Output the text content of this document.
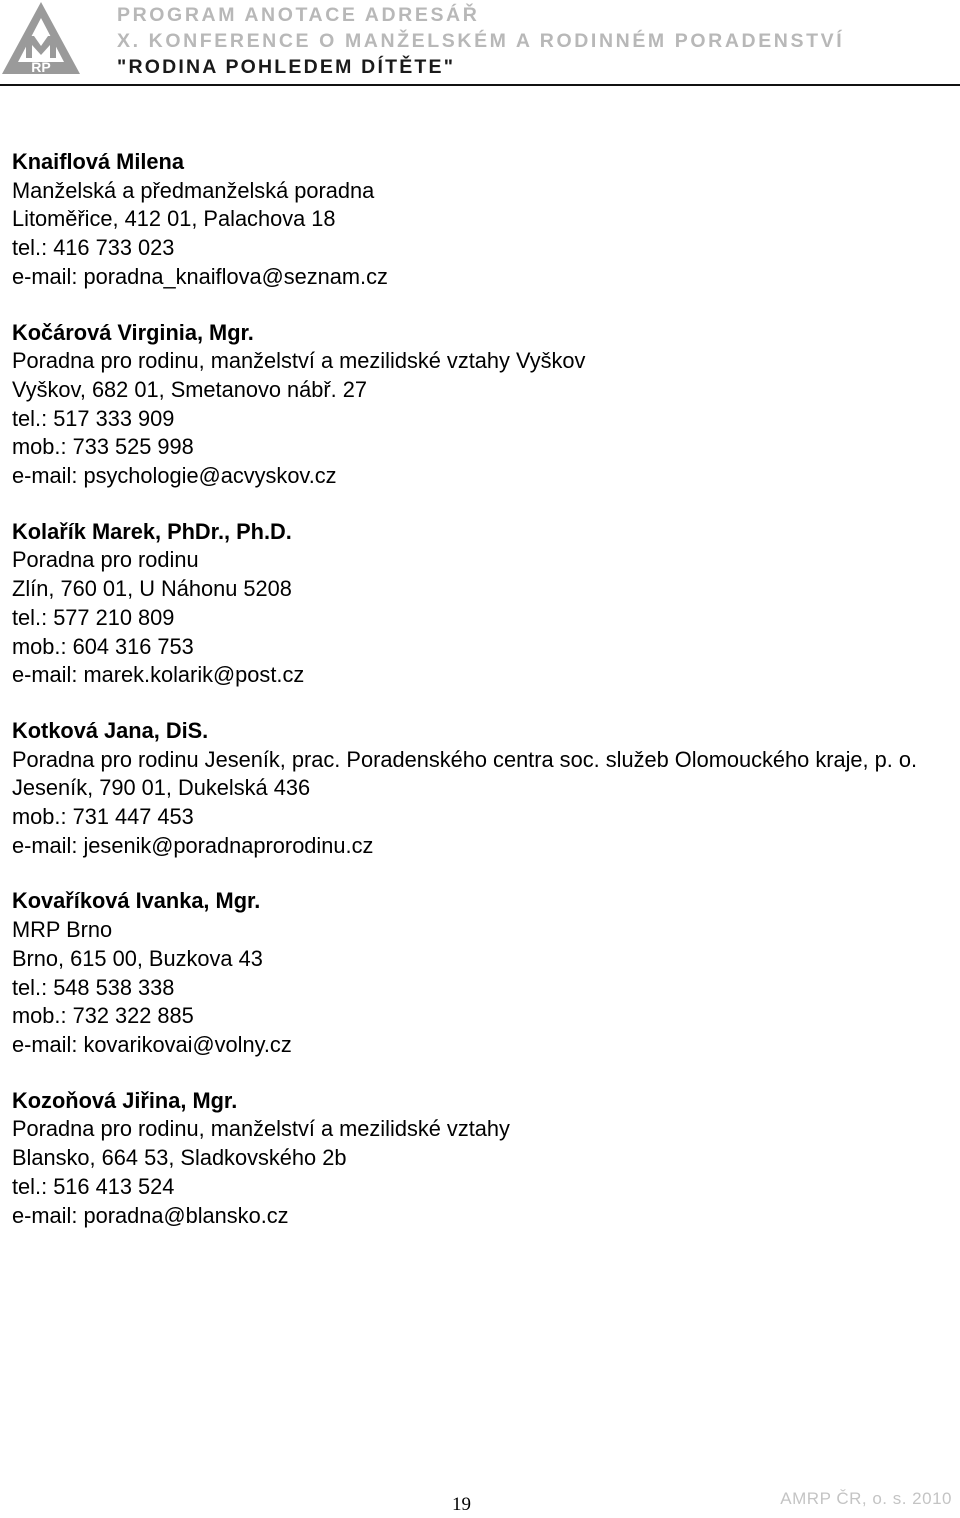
RP
PROGRAM ANOTACE ADRESÁŘ
X. KONFERENCE O MANŽELSKÉM A RODINNÉM PORADENSTVÍ
"RODINA POHLEDEM DÍTĚTE"
Knaiflová Milena
Manželská a předmanželská poradna
Litoměřice, 412 01, Palachova 18
tel.: 416 733 023
e-mail: poradna_knaiflova@seznam.cz
Kočárová Virginia, Mgr.
Poradna pro rodinu, manželství a mezilidské vztahy Vyškov
Vyškov, 682 01, Smetanovo nábř. 27
tel.: 517 333 909
mob.: 733 525 998
e-mail: psychologie@acvyskov.cz
Kolařík Marek, PhDr., Ph.D.
Poradna pro rodinu
Zlín, 760 01, U Náhonu 5208
tel.: 577 210 809
mob.: 604 316 753
e-mail: marek.kolarik@post.cz
Kotková Jana, DiS.
Poradna pro rodinu Jeseník, prac. Poradenského centra soc. služeb Olomouckého kraje, p. o.
Jeseník, 790 01, Dukelská 436
mob.: 731 447 453
e-mail: jesenik@poradnaprorodinu.cz
Kovaříková Ivanka, Mgr.
MRP Brno
Brno, 615 00, Buzkova 43
tel.: 548 538 338
mob.: 732 322 885
e-mail: kovarikovai@volny.cz
Kozoňová Jiřina, Mgr.
Poradna pro rodinu, manželství a mezilidské vztahy
Blansko, 664 53, Sladkovského 2b
tel.: 516 413 524
e-mail: poradna@blansko.cz
19	AMRP ČR, o. s. 2010
